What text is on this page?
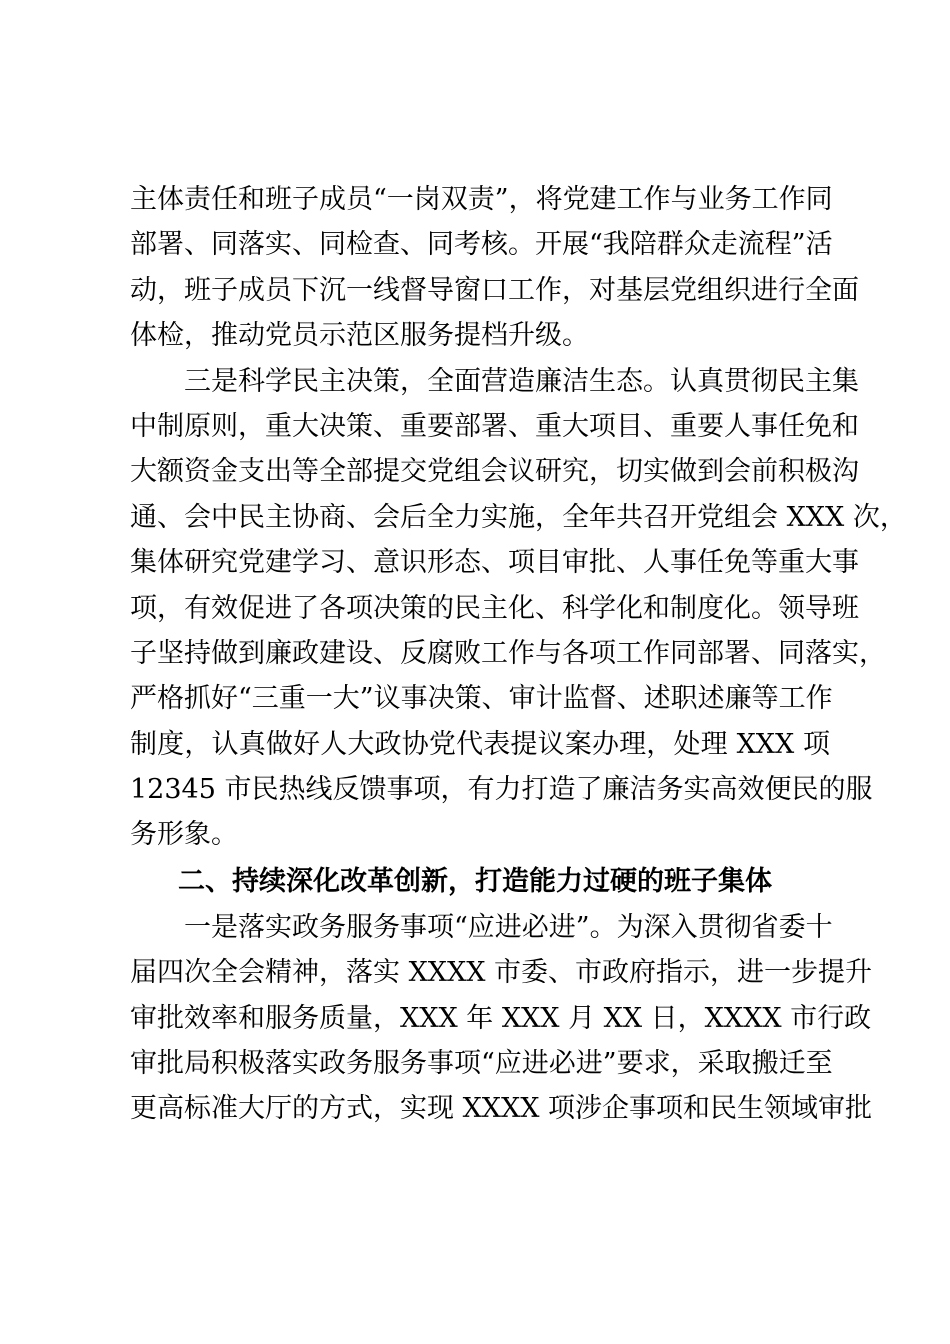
主体责任和班子成员“一岗双责”，将党建工作与业务工作同
部署、同落实、同检查、同考核。开展“我陪群众走流程”活
动，班子成员下沉一线督导窗口工作，对基层党组织进行全面
体检，推动党员示范区服务提档升级。
三是科学民主决策，全面营造廉洁生态。认真贯彻民主集
中制原则，重大决策、重要部署、重大项目、重要人事任免和
大额资金支出等全部提交党组会议研究，切实做到会前积极沟
通、会中民主协商、会后全力实施，全年共召开党组会 XXX 次，
集体研究党建学习、意识形态、项目审批、人事任免等重大事
项，有效促进了各项决策的民主化、科学化和制度化。领导班
子坚持做到廉政建设、反腐败工作与各项工作同部署、同落实，
严格抓好“三重一大”议事决策、审计监督、述职述廉等工作
制度，认真做好人大政协党代表提议案办理，处理 XXX 项
12345 市民热线反馈事项，有力打造了廉洁务实高效便民的服
务形象。
二、持续深化改革创新，打造能力过硬的班子集体
一是落实政务服务事项“应进必进”。为深入贯彻省委十
届四次全会精神，落实 XXXX 市委、市政府指示，进一步提升
审批效率和服务质量，XXX 年 XXX 月 XX 日，XXXX 市行政
审批局积极落实政务服务事项“应进必进”要求，采取搬迁至
更高标准大厅的方式，实现 XXXX 项涉企事项和民生领域审批
